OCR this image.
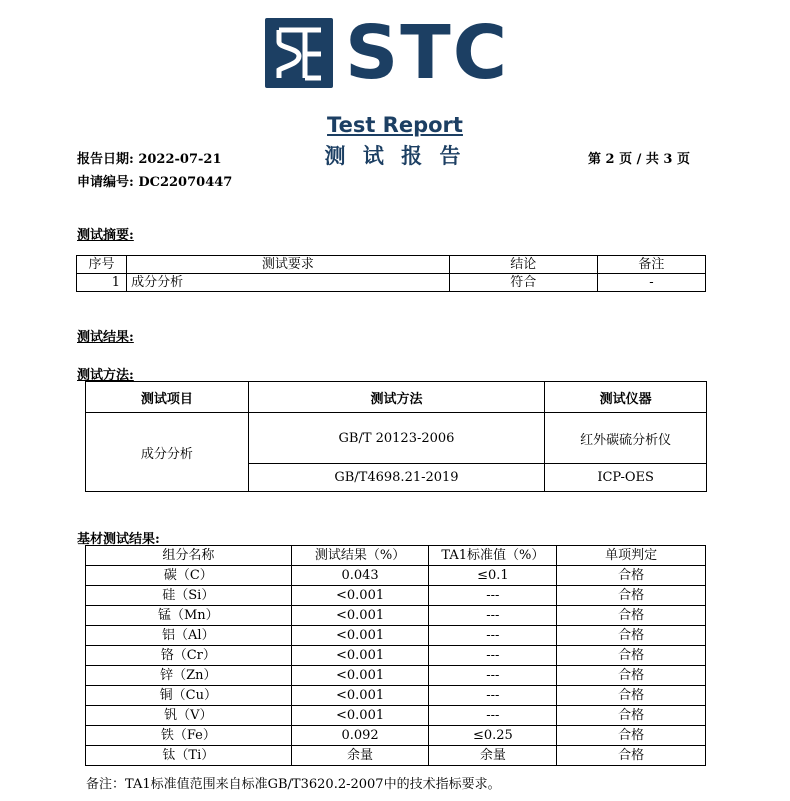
STC
Test Report
测 试 报 告
报告日期: 2022-07-21
申请编号: DC22070447
第 2 页 / 共 3 页
测试摘要:
序号	测试要求	结论	备注
1	成分分析	符合	-
测试结果:
测试方法:
测试项目	测试方法	测试仪器
成分分析	GB/T 20123-2006	红外碳硫分析仪
	GB/T4698.21-2019	ICP-OES
基材测试结果:
组分名称	测试结果（%）	TA1标准值（%）	单项判定
碳（C）	0.043	≤0.1	合格
硅（Si）	<0.001	---	合格
锰（Mn）	<0.001	---	合格
铝（Al）	<0.001	---	合格
铬（Cr）	<0.001	---	合格
锌（Zn）	<0.001	---	合格
铜（Cu）	<0.001	---	合格
钒（V）	<0.001	---	合格
铁（Fe）	0.092	≤0.25	合格
钛（Ti）	余量	余量	合格
备注：TA1标准值范围来自标准GB/T3620.2-2007中的技术指标要求。
